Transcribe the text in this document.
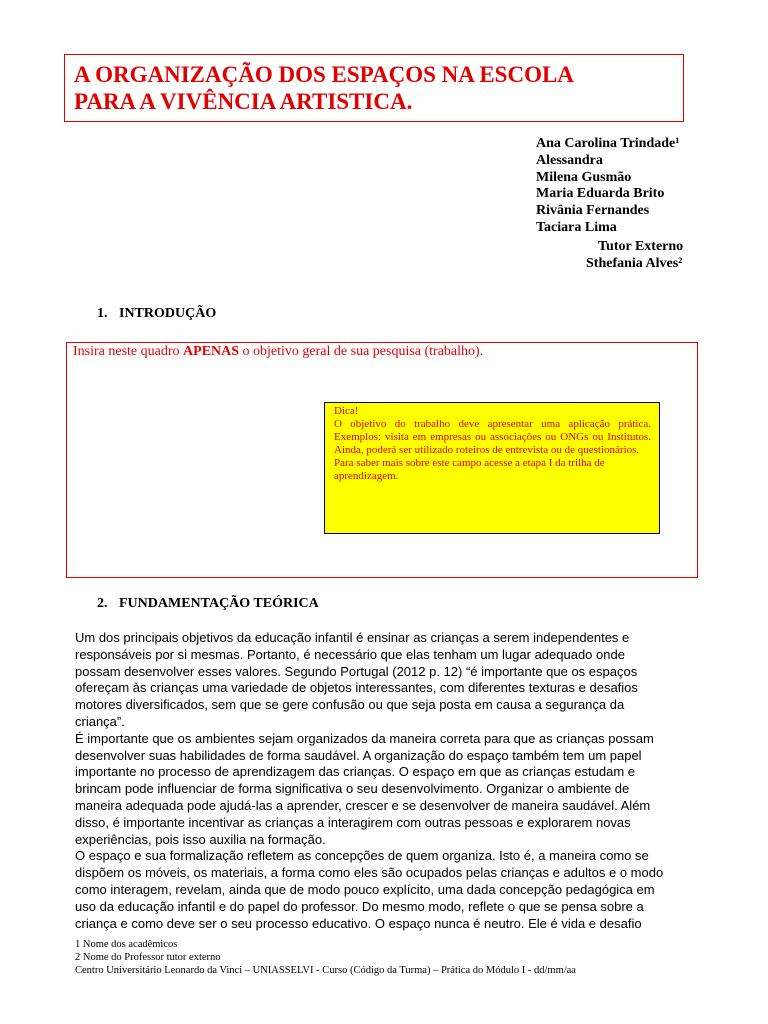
A ORGANIZAÇÃO DOS ESPAÇOS NA ESCOLA
PARA A VIVÊNCIA ARTISTICA.
Ana Carolina Trindade¹
Alessandra
Milena Gusmão
Maria Eduarda Brito
Rivânia Fernandes
Taciara Lima
Tutor Externo
Sthefania Alves²
1. INTRODUÇÃO
Insira neste quadro APENAS o objetivo geral de sua pesquisa (trabalho).
Dica!
O objetivo do trabalho deve apresentar uma aplicação prática. Exemplos: visita em empresas ou associações ou ONGs ou Institutos. Ainda, poderá ser utilizado roteiros de entrevista ou de questionários.
Para saber mais sobre este campo acesse a etapa I da trilha de aprendizagem.
2. FUNDAMENTAÇÃO TEÓRICA
Um dos principais objetivos da educação infantil é ensinar as crianças a serem independentes e
responsáveis por si mesmas. Portanto, é necessário que elas tenham um lugar adequado onde
possam desenvolver esses valores. Segundo Portugal (2012 p. 12) “é importante que os espaços
ofereçam às crianças uma variedade de objetos interessantes, com diferentes texturas e desafios
motores diversificados, sem que se gere confusão ou que seja posta em causa a segurança da
criança”.
É importante que os ambientes sejam organizados da maneira correta para que as crianças possam
desenvolver suas habilidades de forma saudável. A organização do espaço também tem um papel
importante no processo de aprendizagem das crianças. O espaço em que as crianças estudam e
brincam pode influenciar de forma significativa o seu desenvolvimento. Organizar o ambiente de
maneira adequada pode ajudá-las a aprender, crescer e se desenvolver de maneira saudável. Além
disso, é importante incentivar as crianças a interagirem com outras pessoas e explorarem novas
experiências, pois isso auxilia na formação.
O espaço e sua formalização refletem as concepções de quem organiza. Isto é, a maneira como se
dispõem os móveis, os materiais, a forma como eles são ocupados pelas crianças e adultos e o modo
como interagem, revelam, ainda que de modo pouco explícito, uma dada concepção pedagógica em
uso da educação infantil e do papel do professor. Do mesmo modo, reflete o que se pensa sobre a
criança e como deve ser o seu processo educativo. O espaço nunca é neutro. Ele é vida e desafio
1 Nome dos acadêmicos
2 Nome do Professor tutor externo
Centro Universitário Leonardo da Vinci – UNIASSELVI - Curso (Código da Turma) – Prática do Módulo I - dd/mm/aa
